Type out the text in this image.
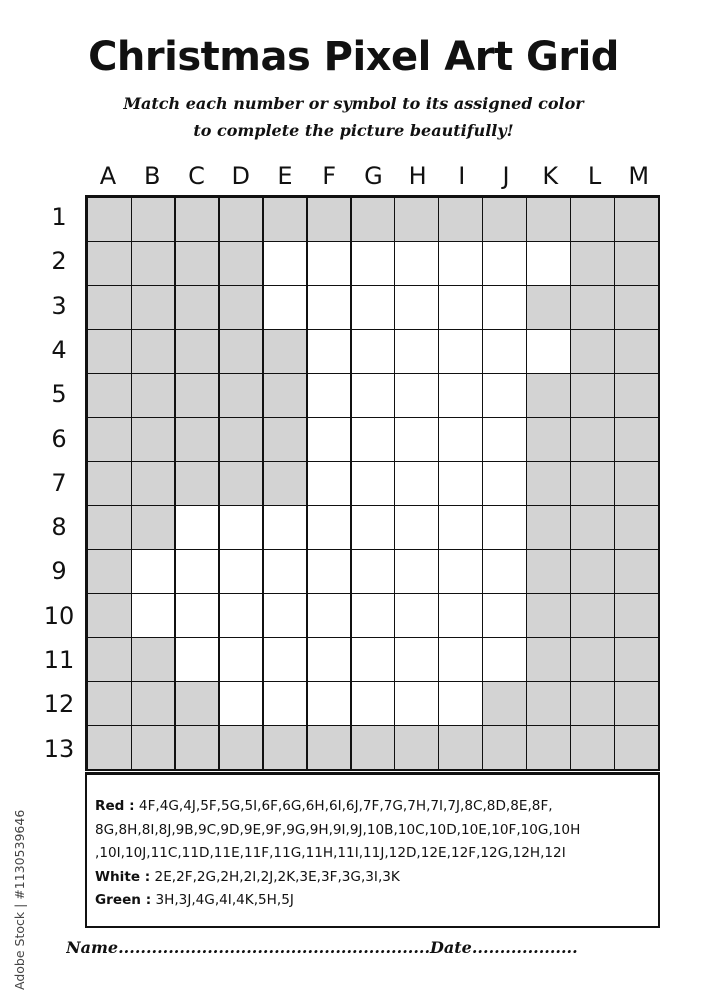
Christmas Pixel Art Grid
Match each number or symbol to its assigned color
to complete the picture beautifully!
A	B	C	D	E	F	G	H	I	J	K	L	M
1
2
3
4
5
6
7
8
9
10
11
12
13
Red : 4F,4G,4J,5F,5G,5I,6F,6G,6H,6I,6J,7F,7G,7H,7I,7J,8C,8D,8E,8F, 8G,8H,8I,8J,9B,9C,9D,9E,9F,9G,9H,9I,9J,10B,10C,10D,10E,10F,10G,10H ,10I,10J,11C,11D,11E,11F,11G,11H,11I,11J,12D,12E,12F,12G,12H,12I
White : 2E,2F,2G,2H,2I,2J,2K,3E,3F,3G,3I,3K
Green : 3H,3J,4G,4I,4K,5H,5J
Name........................................................Date...................
Adobe Stock | #1130539646
